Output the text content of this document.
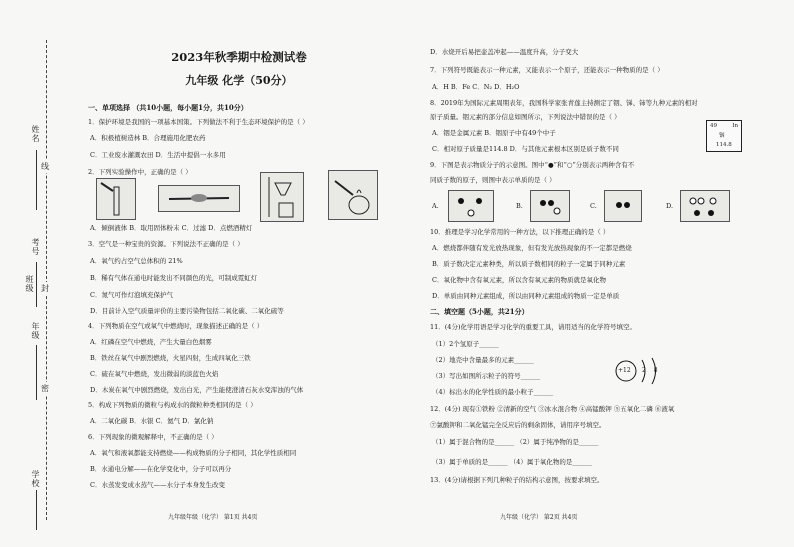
姓名
考号
班级
年级
学校
线
封
密
2023年秋季期中检测试卷
九年级 化学（50分）
一、单项选择 （共10小题，每小题1分，共10分）
1．保护环境是我国的一项基本国策。下列做法不利于生态环境保护的是（ ）
A．积极植树造林 B．合理施用化肥农药
C．工业废水灌溉农田 D．生活中提倡一水多用
2．下列实验操作中，正确的是（ ）
A．倾倒液体 B．取用固体粉末 C．过滤 D．点燃酒精灯
3．空气是一种宝贵的资源。下列说法不正确的是（ ）
A．氧气约占空气总体积的 21%
B．稀有气体在通电时能发出不同颜色的光，可制成霓虹灯
C．氮气可作灯泡填充保护气
D．目前计入空气质量评价的主要污染物包括二氧化碳、二氧化硫等
4．下列物质在空气或氧气中燃烧时，现象描述正确的是（ ）
A．红磷在空气中燃烧，产生大量白色烟雾
B．铁丝在氧气中剧烈燃烧，火星四射，生成四氧化三铁
C．硫在氧气中燃烧，发出微弱的淡蓝色火焰
D．木炭在氧气中剧烈燃烧，发出白光，产生能使澄清石灰水变浑浊的气体
5．构成下列物质的微粒与构成水的微粒种类相同的是（ ）
A．二氧化碳 B．水银 C．氦气 D．氯化钠
6．下列现象的微观解释中，不正确的是（ ）
A．氧气和液氧都能支持燃烧——构成物质的分子相同，其化学性质相同
B．水通电分解——在化学变化中，分子可以再分
C．水蒸发变成水蒸气——水分子本身发生改变
九年级年级（化学） 第1页 共4页
D．水烧开后易把壶盖冲起——温度升高，分子变大
7．下列符号既能表示一种元素，又能表示一个原子，还能表示一种物质的是（ ）
A．H B．Fe C．N₂ D．H₂O
8．2019年为国际元素周期表年，我国科学家张青莲主持测定了铟、锑、铈等九种元素的相对
原子质量。铟元素的部分信息如图所示，下列说法中错误的是（ ）
A．铟是金属元素 B．铟原子中有49个中子
C．相对原子质量是114.8 D．与其他元素根本区别是质子数不同
49	In
铟
114.8
9．下图是表示物质分子的示意图。图中“●”和“○”分别表示两种含有不
同质子数的原子，则图中表示单质的是（ ）
A.	B.	C.	D.
10．推理是学习化学常用的一种方法，以下推理正确的是（ ）
A．燃烧都伴随有发光放热现象，但有发光放热现象的不一定都是燃烧
B．质子数决定元素种类，所以质子数相同的粒子一定属于同种元素
C．氧化物中含有氧元素，所以含有氧元素的物质就是氧化物
D．单质由同种元素组成，所以由同种元素组成的物质一定是单质
二、填空题（5小题，共21分）
11．(4分)化学用语是学习化学的重要工具，请用适当的化学符号填空。
（1）2个氢原子______
（2）地壳中含量最多的元素______
（3）写出如图所示粒子的符号______
（4）标出水的化学性质的最小粒子______
+12 2 8
12．(4分) 现有①铁粉 ②清新的空气 ③冰水混合物 ④高锰酸钾 ⑤五氧化二磷 ⑥液氧
⑦氯酸钾和二氧化锰完全反应后的剩余固体，请用序号填空。
（1）属于混合物的是______ （2）属于纯净物的是______
（3）属于单质的是______ （4）属于氧化物的是______
13．(4分)请根据下列几种粒子的结构示意图，按要求填空。
九年级（化学） 第2页 共4页
